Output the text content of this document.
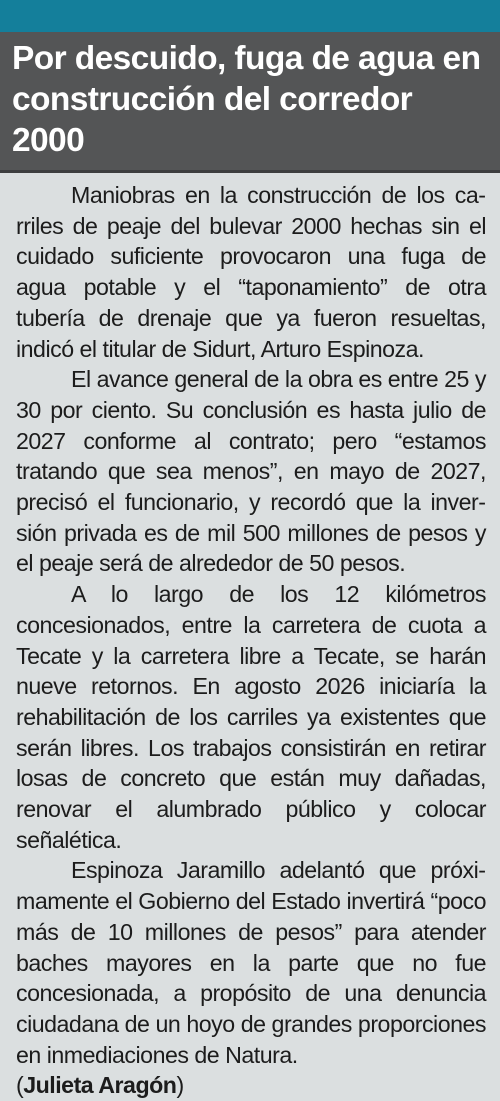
Por descuido, fuga de agua en construcción del corredor 2000

Maniobras en la construcción de los carriles de peaje del bulevar 2000 hechas sin el cuidado suficiente provocaron una fuga de agua potable y el “taponamiento” de otra tubería de drenaje que ya fueron resueltas, indicó el titular de Sidurt, Arturo Espinoza.

El avance general de la obra es entre 25 y 30 por ciento. Su conclusión es hasta julio de 2027 conforme al contrato; pero “estamos tratando que sea menos”, en mayo de 2027, precisó el funcionario, y recordó que la inversión privada es de mil 500 millones de pesos y el peaje será de alrededor de 50 pesos.

A lo largo de los 12 kilómetros concesionados, entre la carretera de cuota a Tecate y la carretera libre a Tecate, se harán nueve retornos. En agosto 2026 iniciaría la rehabilitación de los carriles ya existentes que serán libres. Los trabajos consistirán en retirar losas de concreto que están muy dañadas, renovar el alumbrado público y colocar señalética.

Espinoza Jaramillo adelantó que próximamente el Gobierno del Estado invertirá “poco más de 10 millones de pesos” para atender baches mayores en la parte que no fue concesionada, a propósito de una denuncia ciudadana de un hoyo de grandes proporciones en inmediaciones de Natura.

(Julieta Aragón)
